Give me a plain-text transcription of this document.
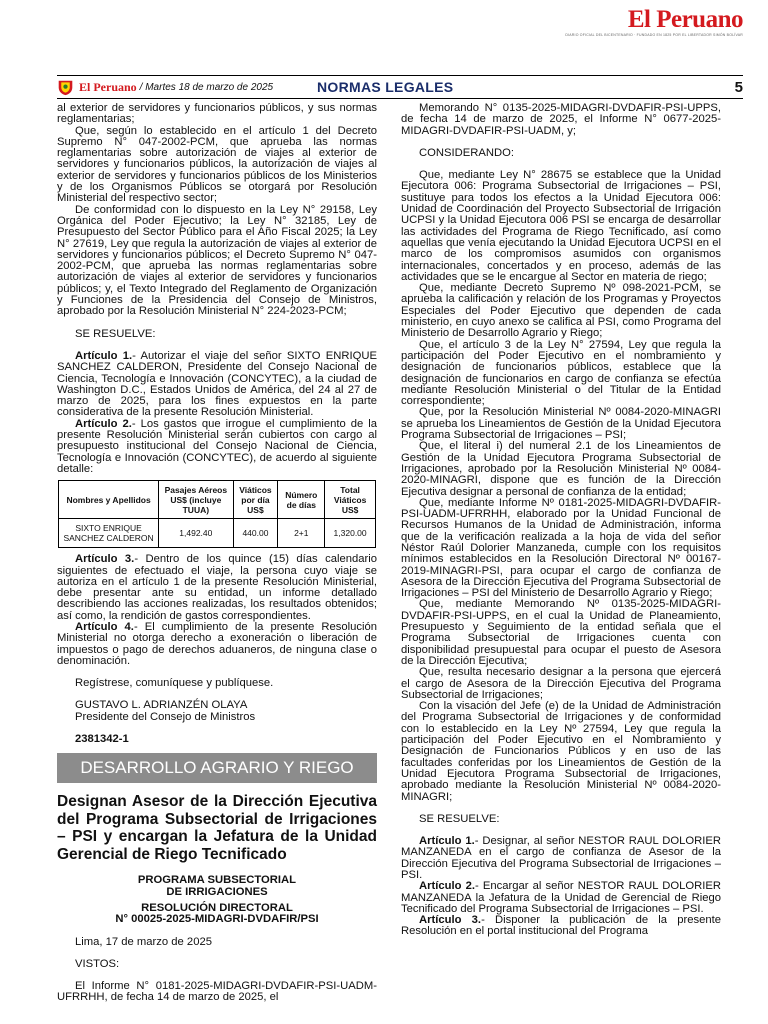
El Peruano
DIARIO OFICIAL DEL BICENTENARIO · FUNDADO EN 1825 POR EL LIBERTADOR SIMÓN BOLÍVAR
El Peruano / Martes 18 de marzo de 2025	NORMAS LEGALES	5

al exterior de servidores y funcionarios públicos, y sus normas reglamentarias;

Que, según lo establecido en el artículo 1 del Decreto Supremo N° 047-2002-PCM, que aprueba las normas reglamentarias sobre autorización de viajes al exterior de servidores y funcionarios públicos, la autorización de viajes al exterior de servidores y funcionarios públicos de los Ministerios y de los Organismos Públicos se otorgará por Resolución Ministerial del respectivo sector;

De conformidad con lo dispuesto en la Ley N° 29158, Ley Orgánica del Poder Ejecutivo; la Ley N° 32185, Ley de Presupuesto del Sector Público para el Año Fiscal 2025; la Ley N° 27619, Ley que regula la autorización de viajes al exterior de servidores y funcionarios públicos; el Decreto Supremo N° 047-2002-PCM, que aprueba las normas reglamentarias sobre autorización de viajes al exterior de servidores y funcionarios públicos; y, el Texto Integrado del Reglamento de Organización y Funciones de la Presidencia del Consejo de Ministros, aprobado por la Resolución Ministerial N° 224-2023-PCM;

SE RESUELVE:

Artículo 1.- Autorizar el viaje del señor SIXTO ENRIQUE SANCHEZ CALDERON, Presidente del Consejo Nacional de Ciencia, Tecnología e Innovación (CONCYTEC), a la ciudad de Washington D.C., Estados Unidos de América, del 24 al 27 de marzo de 2025, para los fines expuestos en la parte considerativa de la presente Resolución Ministerial.

Artículo 2.- Los gastos que irrogue el cumplimiento de la presente Resolución Ministerial serán cubiertos con cargo al presupuesto institucional del Consejo Nacional de Ciencia, Tecnología e Innovación (CONCYTEC), de acuerdo al siguiente detalle:

Nombres y Apellidos	Pasajes Aéreos US$ (incluye TUUA)	Viáticos por día US$	Número de días	Total Viáticos US$
SIXTO ENRIQUE SANCHEZ CALDERON	1,492.40	440.00	2+1	1,320.00

Artículo 3.- Dentro de los quince (15) días calendario siguientes de efectuado el viaje, la persona cuyo viaje se autoriza en el artículo 1 de la presente Resolución Ministerial, debe presentar ante su entidad, un informe detallado describiendo las acciones realizadas, los resultados obtenidos; así como, la rendición de gastos correspondientes.

Artículo 4.- El cumplimiento de la presente Resolución Ministerial no otorga derecho a exoneración o liberación de impuestos o pago de derechos aduaneros, de ninguna clase o denominación.

Regístrese, comuníquese y publíquese.

GUSTAVO L. ADRIANZÉN OLAYA

Presidente del Consejo de Ministros

2381342-1

DESARROLLO AGRARIO Y RIEGO
Designan Asesor de la Dirección Ejecutiva del Programa Subsectorial de Irrigaciones – PSI y encargan la Jefatura de la Unidad Gerencial de Riego Tecnificado
PROGRAMA SUBSECTORIAL
DE IRRIGACIONES
RESOLUCIÓN DIRECTORAL
N° 00025-2025-MIDAGRI-DVDAFIR/PSI

Lima, 17 de marzo de 2025

VISTOS:

El Informe N° 0181-2025-MIDAGRI-DVDAFIR-PSI-UADM-UFRRHH, de fecha 14 de marzo de 2025, el

Memorando N° 0135-2025-MIDAGRI-DVDAFIR-PSI-UPPS, de fecha 14 de marzo de 2025, el Informe N° 0677-2025-MIDAGRI-DVDAFIR-PSI-UADM, y;

CONSIDERANDO:

Que, mediante Ley N° 28675 se establece que la Unidad Ejecutora 006: Programa Subsectorial de Irrigaciones – PSI, sustituye para todos los efectos a la Unidad Ejecutora 006: Unidad de Coordinación del Proyecto Subsectorial de Irrigación UCPSI y la Unidad Ejecutora 006 PSI se encarga de desarrollar las actividades del Programa de Riego Tecnificado, así como aquellas que venía ejecutando la Unidad Ejecutora UCPSI en el marco de los compromisos asumidos con organismos internacionales, concertados y en proceso, además de las actividades que se le encargue al Sector en materia de riego;

Que, mediante Decreto Supremo Nº 098-2021-PCM, se aprueba la calificación y relación de los Programas y Proyectos Especiales del Poder Ejecutivo que dependen de cada ministerio, en cuyo anexo se califica al PSI, como Programa del Ministerio de Desarrollo Agrario y Riego;

Que, el artículo 3 de la Ley N° 27594, Ley que regula la participación del Poder Ejecutivo en el nombramiento y designación de funcionarios públicos, establece que la designación de funcionarios en cargo de confianza se efectúa mediante Resolución Ministerial o del Titular de la Entidad correspondiente;

Que, por la Resolución Ministerial Nº 0084-2020-MINAGRI se aprueba los Lineamientos de Gestión de la Unidad Ejecutora Programa Subsectorial de Irrigaciones – PSI;

Que, el literal i) del numeral 2.1 de los Lineamientos de Gestión de la Unidad Ejecutora Programa Subsectorial de Irrigaciones, aprobado por la Resolución Ministerial Nº 0084-2020-MINAGRI, dispone que es función de la Dirección Ejecutiva designar a personal de confianza de la entidad;

Que, mediante Informe Nº 0181-2025-MIDAGRI-DVDAFIR-PSI-UADM-UFRRHH, elaborado por la Unidad Funcional de Recursos Humanos de la Unidad de Administración, informa que de la verificación realizada a la hoja de vida del señor Néstor Raúl Dolorier Manzaneda, cumple con los requisitos mínimos establecidos en la Resolución Directoral Nº 00167-2019-MINAGRI-PSI, para ocupar el cargo de confianza de Asesora de la Dirección Ejecutiva del Programa Subsectorial de Irrigaciones – PSI del Ministerio de Desarrollo Agrario y Riego;

Que, mediante Memorando Nº 0135-2025-MIDAGRI-DVDAFIR-PSI-UPPS, en el cual la Unidad de Planeamiento, Presupuesto y Seguimiento de la entidad señala que el Programa Subsectorial de Irrigaciones cuenta con disponibilidad presupuestal para ocupar el puesto de Asesora de la Dirección Ejecutiva;

Que, resulta necesario designar a la persona que ejercerá el cargo de Asesora de la Dirección Ejecutiva del Programa Subsectorial de Irrigaciones;

Con la visación del Jefe (e) de la Unidad de Administración del Programa Subsectorial de Irrigaciones y de conformidad con lo establecido en la Ley Nº 27594, Ley que regula la participación del Poder Ejecutivo en el Nombramiento y Designación de Funcionarios Públicos y en uso de las facultades conferidas por los Lineamientos de Gestión de la Unidad Ejecutora Programa Subsectorial de Irrigaciones, aprobado mediante la Resolución Ministerial Nº 0084-2020-MINAGRI;

SE RESUELVE:

Artículo 1.- Designar, al señor NESTOR RAUL DOLORIER MANZANEDA en el cargo de confianza de Asesor de la Dirección Ejecutiva del Programa Subsectorial de Irrigaciones – PSI.

Artículo 2.- Encargar al señor NESTOR RAUL DOLORIER MANZANEDA la Jefatura de la Unidad de Gerencial de Riego Tecnificado del Programa Subsectorial de Irrigaciones – PSI.

Artículo 3.- Disponer la publicación de la presente Resolución en el portal institucional del Programa
